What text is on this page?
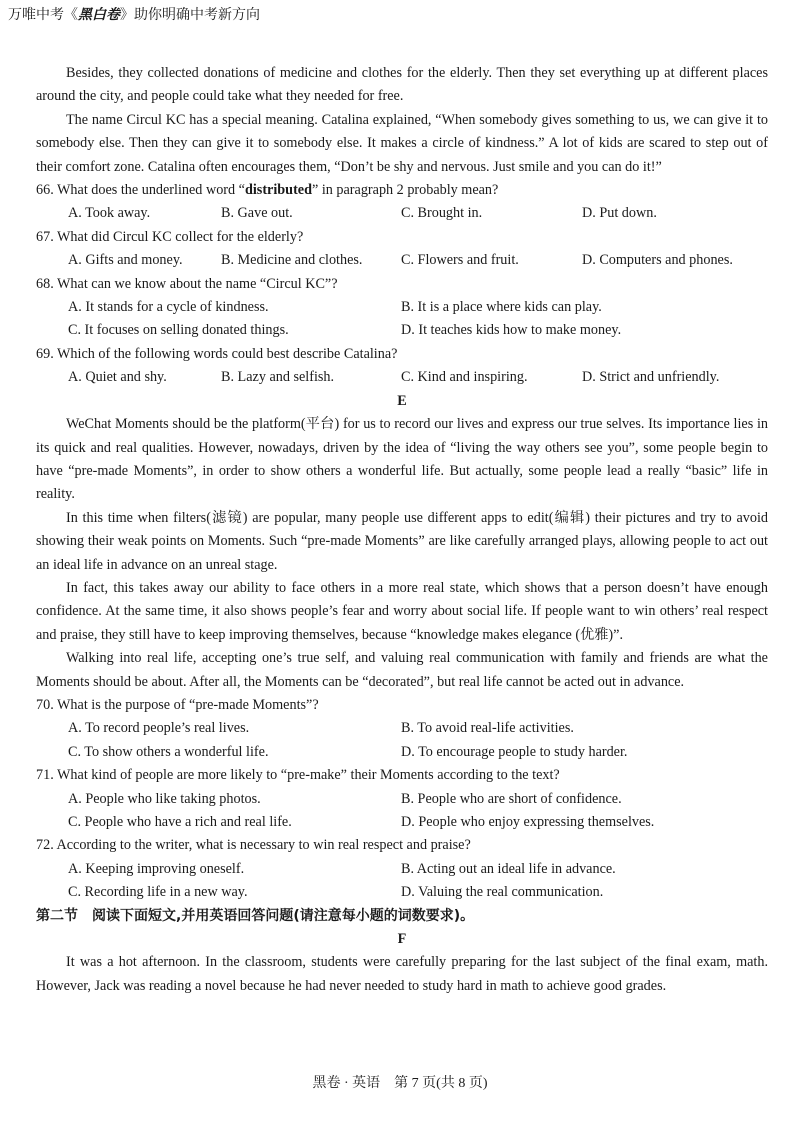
万唯中考《黑白卷》助你明确中考新方向

Besides, they collected donations of medicine and clothes for the elderly. Then they set everything up at different places around the city, and people could take what they needed for free.

The name Circul KC has a special meaning. Catalina explained, “When somebody gives something to us, we can give it to somebody else. Then they can give it to somebody else. It makes a circle of kindness.” A lot of kids are scared to step out of their comfort zone. Catalina often encourages them, “Don’t be shy and nervous. Just smile and you can do it!”

66. What does the underlined word “distributed” in paragraph 2 probably mean?

A. Took away.	B. Gave out.	C. Brought in.	D. Put down.

67. What did Circul KC collect for the elderly?

A. Gifts and money.	B. Medicine and clothes.	C. Flowers and fruit.	D. Computers and phones.

68. What can we know about the name “Circul KC”?

A. It stands for a cycle of kindness.	B. It is a place where kids can play.
C. It focuses on selling donated things.	D. It teaches kids how to make money.

69. Which of the following words could best describe Catalina?

A. Quiet and shy.	B. Lazy and selfish.	C. Kind and inspiring.	D. Strict and unfriendly.

E

WeChat Moments should be the platform(平台) for us to record our lives and express our true selves. Its importance lies in its quick and real qualities. However, nowadays, driven by the idea of “living the way others see you”, some people begin to have “pre-made Moments”, in order to show others a wonderful life. But actually, some people lead a really “basic” life in reality.

In this time when filters(滤镜) are popular, many people use different apps to edit(编辑) their pictures and try to avoid showing their weak points on Moments. Such “pre-made Moments” are like carefully arranged plays, allowing people to act out an ideal life in advance on an unreal stage.

In fact, this takes away our ability to face others in a more real state, which shows that a person doesn’t have enough confidence. At the same time, it also shows people’s fear and worry about social life. If people want to win others’ real respect and praise, they still have to keep improving themselves, because “knowledge makes elegance (优雅)”.

Walking into real life, accepting one’s true self, and valuing real communication with family and friends are what the Moments should be about. After all, the Moments can be “decorated”, but real life cannot be acted out in advance.

70. What is the purpose of “pre-made Moments”?

A. To record people’s real lives.	B. To avoid real-life activities.
C. To show others a wonderful life.	D. To encourage people to study harder.

71. What kind of people are more likely to “pre-make” their Moments according to the text?

A. People who like taking photos.	B. People who are short of confidence.
C. People who have a rich and real life.	D. People who enjoy expressing themselves.

72. According to the writer, what is necessary to win real respect and praise?

A. Keeping improving oneself.	B. Acting out an ideal life in advance.
C. Recording life in a new way.	D. Valuing the real communication.

第二节　阅读下面短文,并用英语回答问题(请注意每小题的词数要求)。

F

It was a hot afternoon. In the classroom, students were carefully preparing for the last subject of the final exam, math. However, Jack was reading a novel because he had never needed to study hard in math to achieve good grades.

黑卷 · 英语　第 7 页(共 8 页)
